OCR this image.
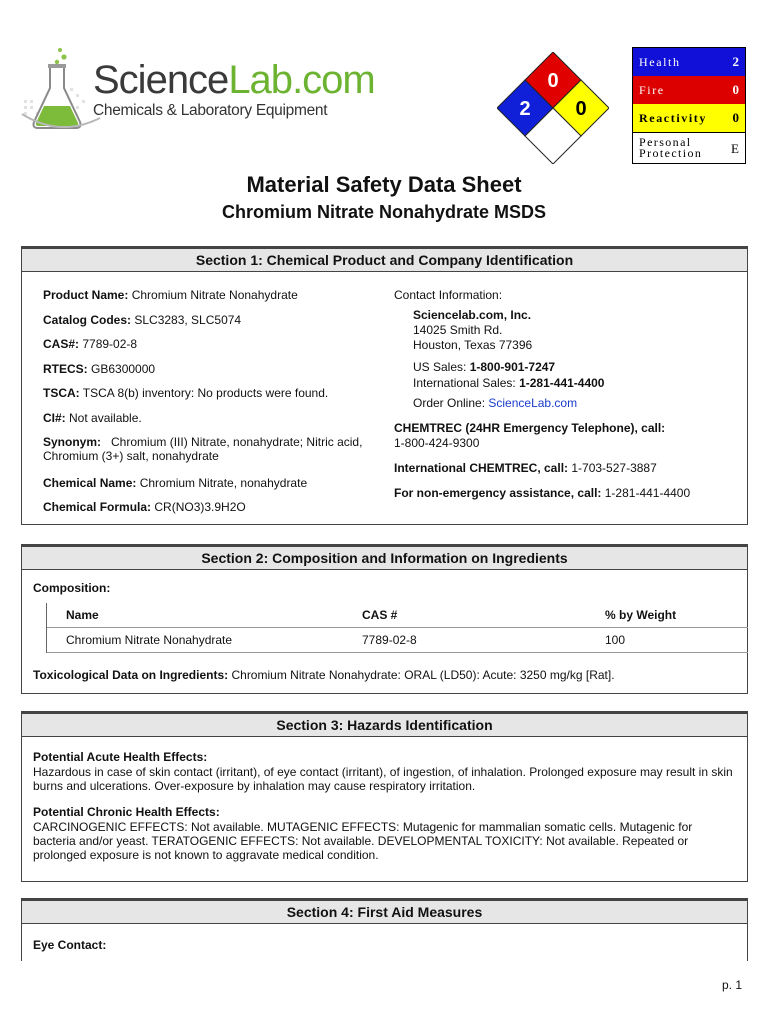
ScienceLab.com
Chemicals & Laboratory Equipment
0
2 0
Health	2
Fire	0
Reactivity 0
Personal
Protection E
Material Safety Data Sheet
Chromium Nitrate Nonahydrate MSDS
Section 1: Chemical Product and Company Identification
Product Name: Chromium Nitrate Nonahydrate
Catalog Codes: SLC3283, SLC5074
CAS#: 7789-02-8
RTECS: GB6300000
TSCA: TSCA 8(b) inventory: No products were found.
CI#: Not available.
Synonym:   Chromium (III) Nitrate, nonahydrate; Nitric acid, Chromium (3+) salt, nonahydrate
Chemical Name: Chromium Nitrate, nonahydrate
Chemical Formula: CR(NO3)3.9H2O
Contact Information:
Sciencelab.com, Inc.
14025 Smith Rd.
Houston, Texas 77396
US Sales: 1-800-901-7247
International Sales: 1-281-441-4400
Order Online: ScienceLab.com
CHEMTREC (24HR Emergency Telephone), call:
1-800-424-9300
International CHEMTREC, call: 1-703-527-3887
For non-emergency assistance, call: 1-281-441-4400
Section 2: Composition and Information on Ingredients
Composition:
Name	CAS #	% by Weight
Chromium Nitrate Nonahydrate	7789-02-8	100
Toxicological Data on Ingredients: Chromium Nitrate Nonahydrate: ORAL (LD50): Acute: 3250 mg/kg [Rat].
Section 3: Hazards Identification
Potential Acute Health Effects:
Hazardous in case of skin contact (irritant), of eye contact (irritant), of ingestion, of inhalation. Prolonged exposure may result in skin burns and ulcerations. Over-exposure by inhalation may cause respiratory irritation.
Potential Chronic Health Effects:
CARCINOGENIC EFFECTS: Not available. MUTAGENIC EFFECTS: Mutagenic for mammalian somatic cells. Mutagenic for bacteria and/or yeast. TERATOGENIC EFFECTS: Not available. DEVELOPMENTAL TOXICITY: Not available. Repeated or prolonged exposure is not known to aggravate medical condition.
Section 4: First Aid Measures
Eye Contact:
p. 1
